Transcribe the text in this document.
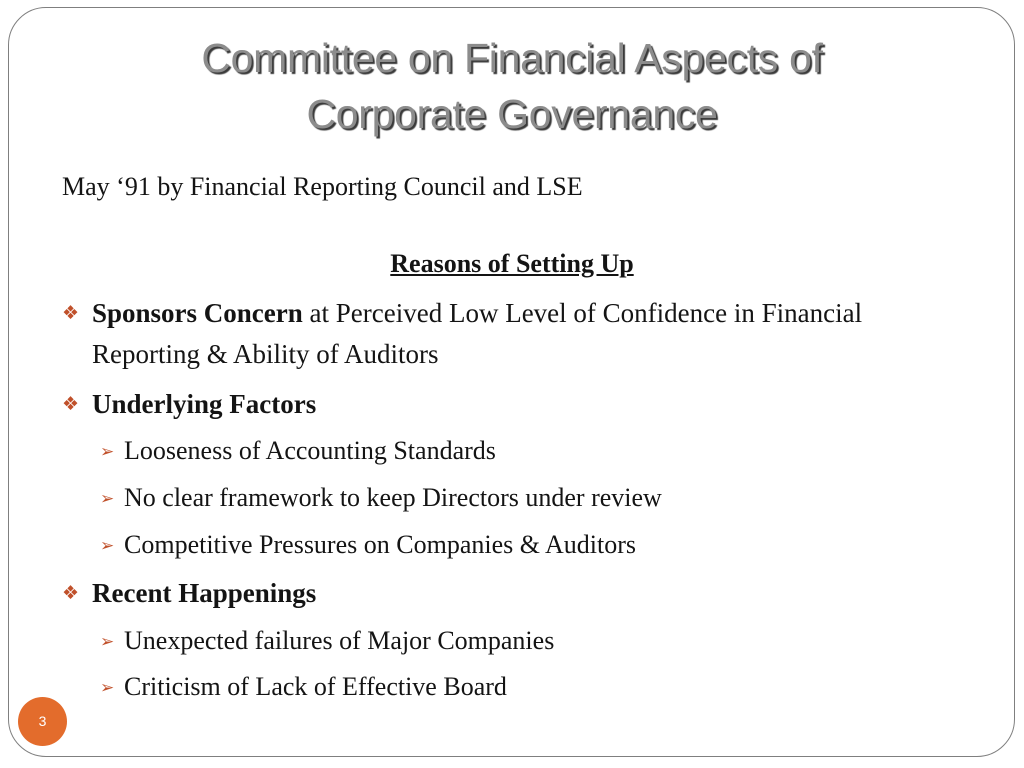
Committee on Financial Aspects of
Corporate Governance
May ‘91 by Financial Reporting Council and LSE
Reasons of Setting Up
❖ Sponsors Concern at Perceived Low Level of Confidence in Financial Reporting & Ability of Auditors
❖ Underlying Factors
➢ Looseness of Accounting Standards
➢ No clear framework to keep Directors under review
➢ Competitive Pressures on Companies & Auditors
❖ Recent Happenings
➢ Unexpected failures of Major Companies
➢ Criticism of Lack of Effective Board
3
